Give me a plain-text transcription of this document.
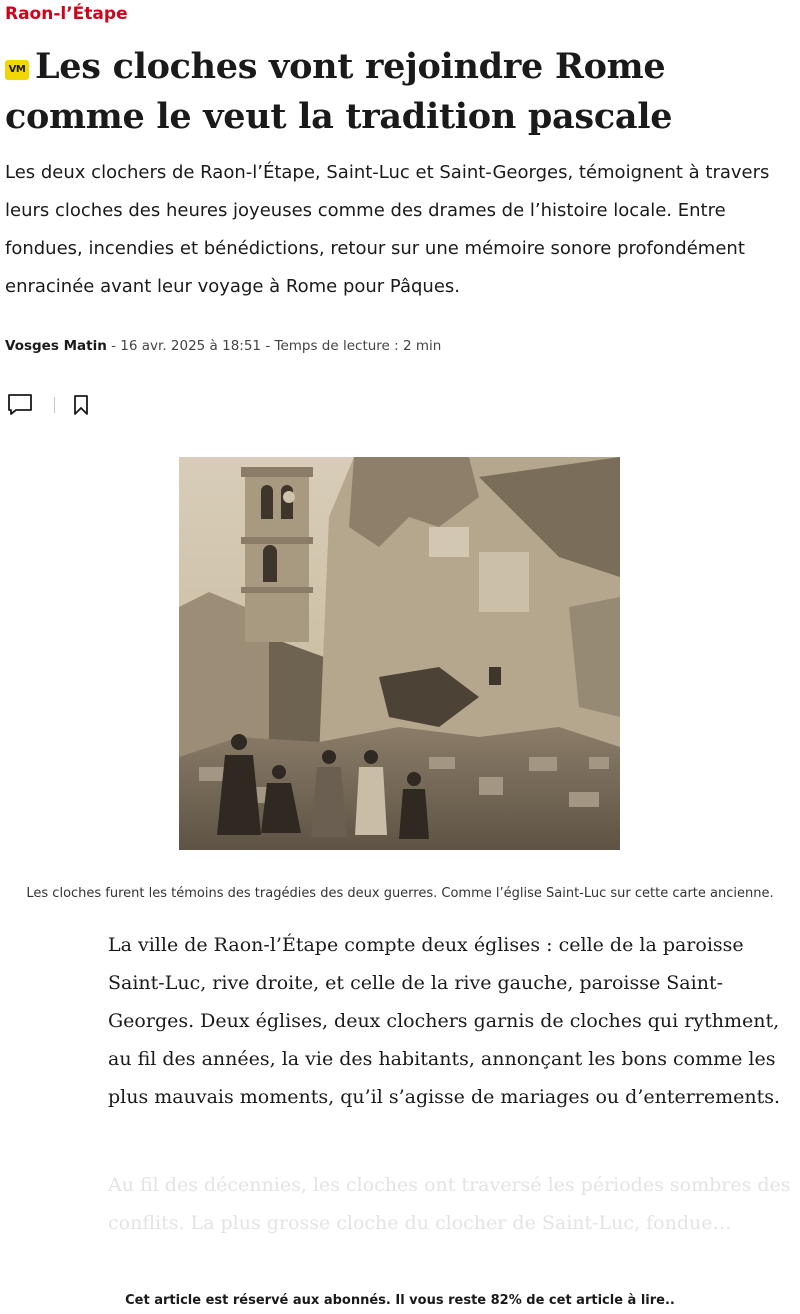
Raon-l’Étape
VM Les cloches vont rejoindre Rome comme le veut la tradition pascale

Les deux clochers de Raon-l’Étape, Saint-Luc et Saint-Georges, témoignent à travers leurs cloches des heures joyeuses comme des drames de l’histoire locale. Entre fondues, incendies et bénédictions, retour sur une mémoire sonore profondément enracinée avant leur voyage à Rome pour Pâques.

Vosges Matin - 16 avr. 2025 à 18:51 - Temps de lecture : 2 min

Les cloches furent les témoins des tragédies des deux guerres. Comme l’église Saint-Luc sur cette carte ancienne.

La ville de Raon-l’Étape compte deux églises : celle de la paroisse Saint-Luc, rive droite, et celle de la rive gauche, paroisse Saint-Georges. Deux églises, deux clochers garnis de cloches qui rythment, au fil des années, la vie des habitants, annonçant les bons comme les plus mauvais moments, qu’il s’agisse de mariages ou d’enterrements.

Au fil des décennies, les cloches ont traversé les périodes sombres des conflits. La plus grosse cloche du clocher de Saint-Luc, fondue…

Cet article est réservé aux abonnés. Il vous reste 82% de cet article à lire..
